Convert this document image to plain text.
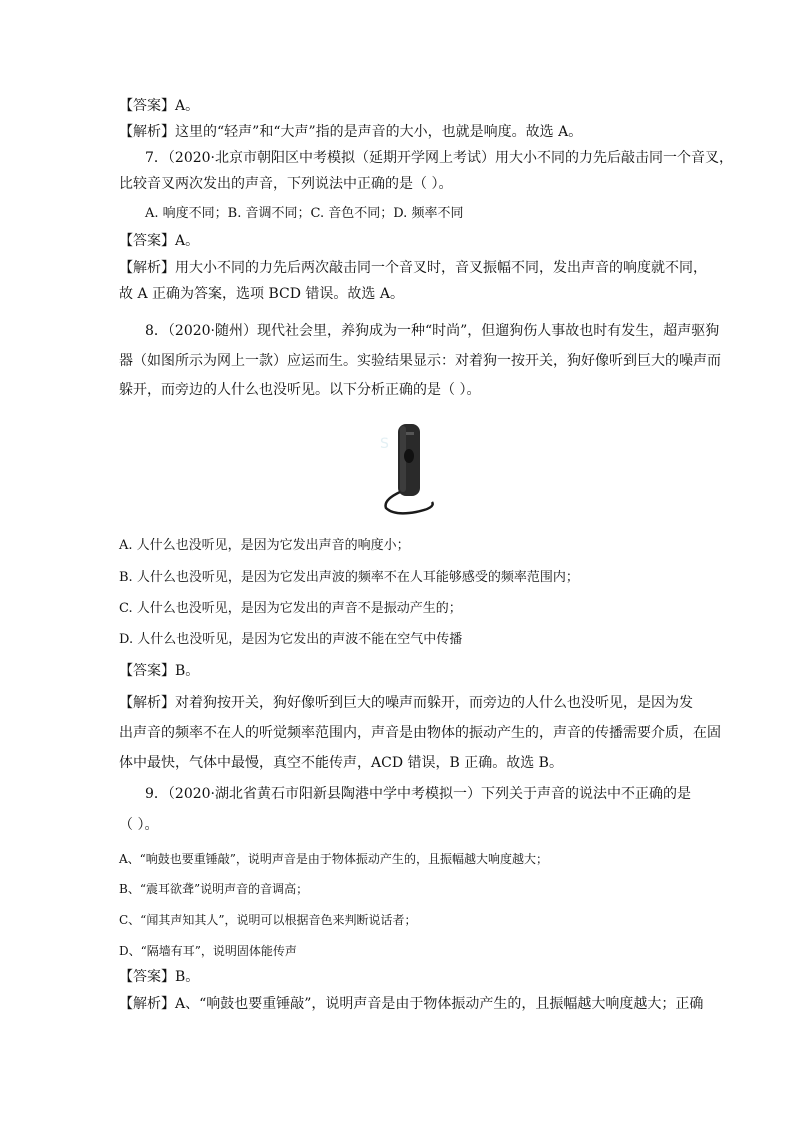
【答案】A。
【解析】这里的“轻声”和“大声”指的是声音的大小，也就是响度。故选 A。
7．（2020·北京市朝阳区中考模拟（延期开学网上考试）用大小不同的力先后敲击同一个音叉，
比较音叉两次发出的声音，下列说法中正确的是（ ）。
A. 响度不同；B. 音调不同；C. 音色不同；D. 频率不同
【答案】A。
【解析】用大小不同的力先后两次敲击同一个音叉时，音叉振幅不同，发出声音的响度就不同，
故 A 正确为答案，选项 BCD 错误。故选 A。
8．（2020·随州）现代社会里，养狗成为一种“时尚”，但遛狗伤人事故也时有发生，超声驱狗
器（如图所示为网上一款）应运而生。实验结果显示：对着狗一按开关，狗好像听到巨大的噪声而
躲开，而旁边的人什么也没听见。以下分析正确的是（ ）。
S
A. 人什么也没听见，是因为它发出声音的响度小；
B. 人什么也没听见，是因为它发出声波的频率不在人耳能够感受的频率范围内；
C. 人什么也没听见，是因为它发出的声音不是振动产生的；
D. 人什么也没听见，是因为它发出的声波不能在空气中传播
【答案】B。
【解析】对着狗按开关，狗好像听到巨大的噪声而躲开，而旁边的人什么也没听见，是因为发
出声音的频率不在人的听觉频率范围内，声音是由物体的振动产生的，声音的传播需要介质，在固
体中最快，气体中最慢，真空不能传声，ACD 错误，B 正确。故选 B。
9．（2020·湖北省黄石市阳新县陶港中学中考模拟一）下列关于声音的说法中不正确的是
（ ）。
A、“响鼓也要重锤敲”，说明声音是由于物体振动产生的，且振幅越大响度越大；
B、“震耳欲聋”说明声音的音调高；
C、“闻其声知其人”，说明可以根据音色来判断说话者；
D、“隔墙有耳”，说明固体能传声
【答案】B。
【解析】A、“响鼓也要重锤敲”，说明声音是由于物体振动产生的，且振幅越大响度越大；正确
